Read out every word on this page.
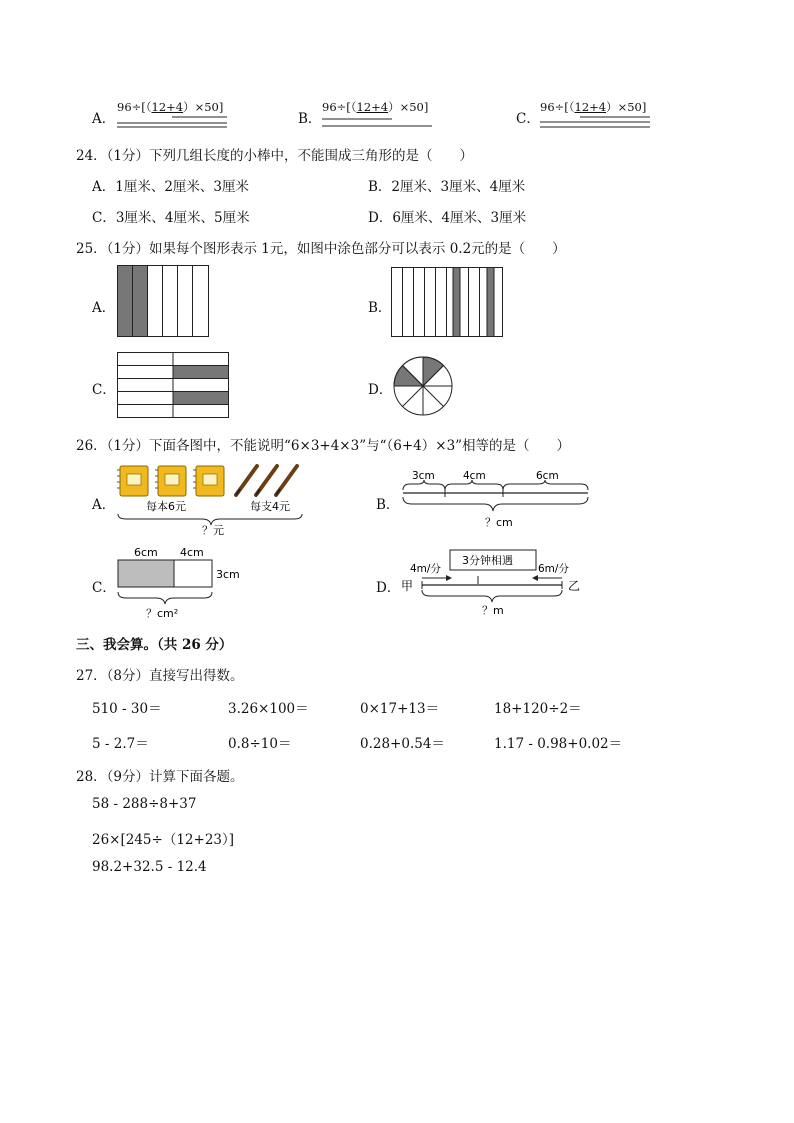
A．
96÷[（12+4）×50]
B．
96÷[（12+4）×50]
C．
96÷[（12+4）×50]
24．（1分）下列几组长度的小棒中，不能围成三角形的是（　　）
A．1厘米、2厘米、3厘米	B．2厘米、3厘米、4厘米
C．3厘米、4厘米、5厘米	D．6厘米、4厘米、3厘米
25．（1分）如果每个图形表示 1元，如图中涂色部分可以表示 0.2元的是（　　）
A．	B．
C．	D．
26．（1分）下面各图中，不能说明“6×3+4×3”与“（6+4）×3”相等的是（　　）
A．	每本6元	每支4元
？元
B．
3cm	4cm	6cm
？cm
C．
6cm 4cm
3cm
？cm²
D．
3分钟相遇
4m/分	6m/分
甲	乙
？m
三、我会算。（共 26 分）
27．（8分）直接写出得数。
510 - 30＝	3.26×100＝	0×17+13＝	18+120÷2＝
5 - 2.7＝	0.8÷10＝	0.28+0.54＝	1.17 - 0.98+0.02＝
28．（9分）计算下面各题。
58 - 288÷8+37
26×[245÷（12+23）]
98.2+32.5 - 12.4
